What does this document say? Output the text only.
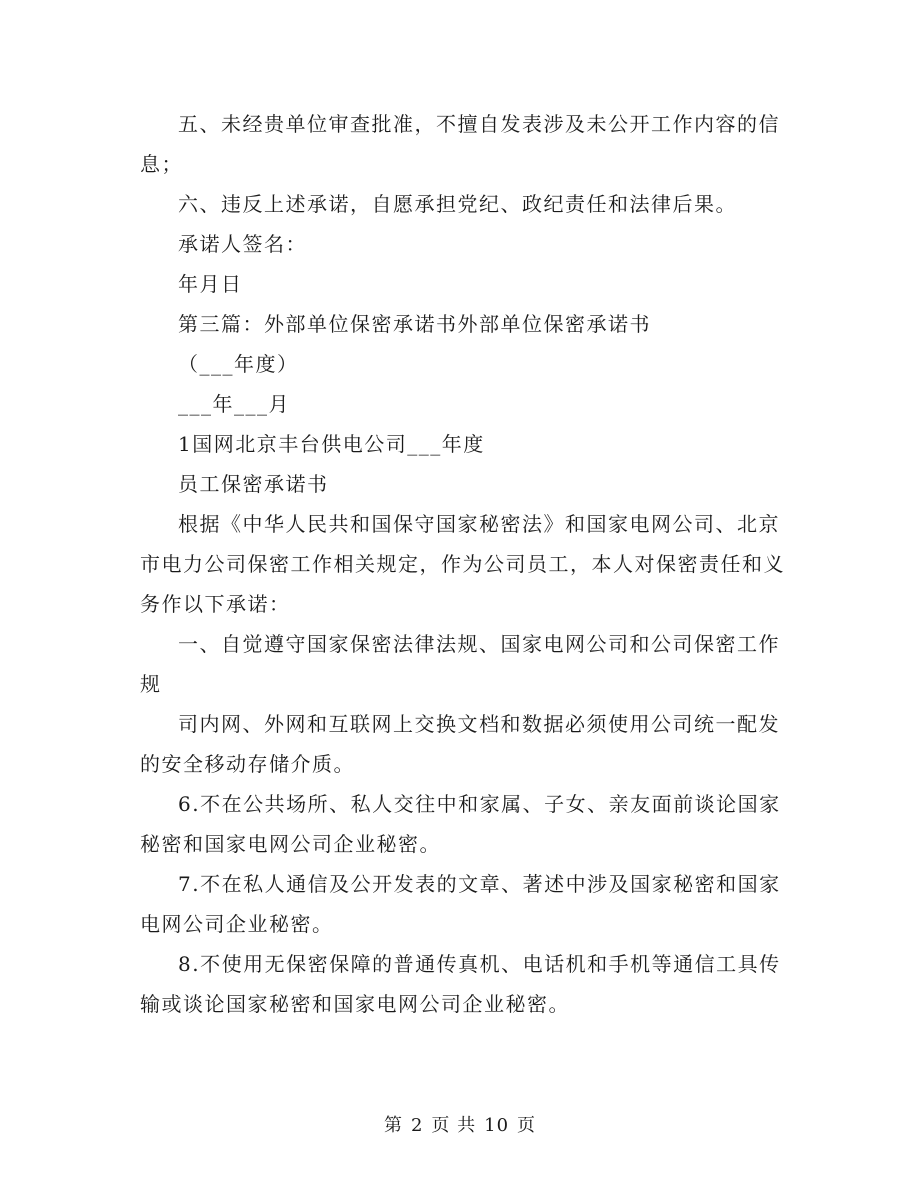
五、未经贵单位审查批准，不擅自发表涉及未公开工作内容的信

息；

六、违反上述承诺，自愿承担党纪、政纪责任和法律后果。

承诺人签名：

年月日

第三篇：外部单位保密承诺书外部单位保密承诺书

（___年度）

___年___月

1国网北京丰台供电公司___年度

员工保密承诺书

根据《中华人民共和国保守国家秘密法》和国家电网公司、北京

市电力公司保密工作相关规定，作为公司员工，本人对保密责任和义

务作以下承诺：

一、自觉遵守国家保密法律法规、国家电网公司和公司保密工作

规

司内网、外网和互联网上交换文档和数据必须使用公司统一配发

的安全移动存储介质。

6.不在公共场所、私人交往中和家属、子女、亲友面前谈论国家

秘密和国家电网公司企业秘密。

7.不在私人通信及公开发表的文章、著述中涉及国家秘密和国家

电网公司企业秘密。

8.不使用无保密保障的普通传真机、电话机和手机等通信工具传

输或谈论国家秘密和国家电网公司企业秘密。

第 2 页 共 10 页
